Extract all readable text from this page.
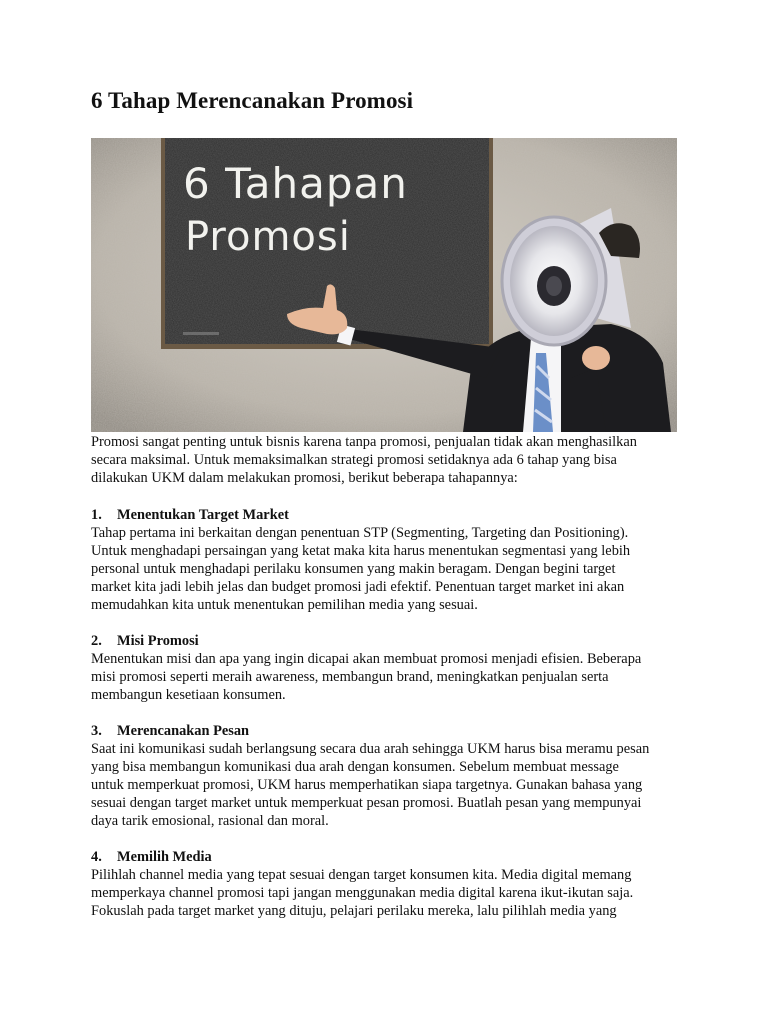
6 Tahap Merencanakan Promosi
6 Tahapan
Promosi

Promosi sangat penting untuk bisnis karena tanpa promosi, penjualan tidak akan menghasilkan
secara maksimal. Untuk memaksimalkan strategi promosi setidaknya ada 6 tahap yang bisa
dilakukan UKM dalam melakukan promosi, berikut beberapa tahapannya:

1.	Menentukan Target Market

Tahap pertama ini berkaitan dengan penentuan STP (Segmenting, Targeting dan Positioning).
Untuk menghadapi persaingan yang ketat maka kita harus menentukan segmentasi yang lebih
personal untuk menghadapi perilaku konsumen yang makin beragam. Dengan begini target
market kita jadi lebih jelas dan budget promosi jadi efektif. Penentuan target market ini akan
memudahkan kita untuk menentukan pemilihan media yang sesuai.

2.	Misi Promosi

Menentukan misi dan apa yang ingin dicapai akan membuat promosi menjadi efisien. Beberapa
misi promosi seperti meraih awareness, membangun brand, meningkatkan penjualan serta
membangun kesetiaan konsumen.

3.	Merencanakan Pesan

Saat ini komunikasi sudah berlangsung secara dua arah sehingga UKM harus bisa meramu pesan
yang bisa membangun komunikasi dua arah dengan konsumen. Sebelum membuat message
untuk memperkuat promosi, UKM harus memperhatikan siapa targetnya. Gunakan bahasa yang
sesuai dengan target market untuk memperkuat pesan promosi. Buatlah pesan yang mempunyai
daya tarik emosional, rasional dan moral.

4.	Memilih Media

Pilihlah channel media yang tepat sesuai dengan target konsumen kita. Media digital memang
memperkaya channel promosi tapi jangan menggunakan media digital karena ikut-ikutan saja.
Fokuslah pada target market yang dituju, pelajari perilaku mereka, lalu pilihlah media yang
